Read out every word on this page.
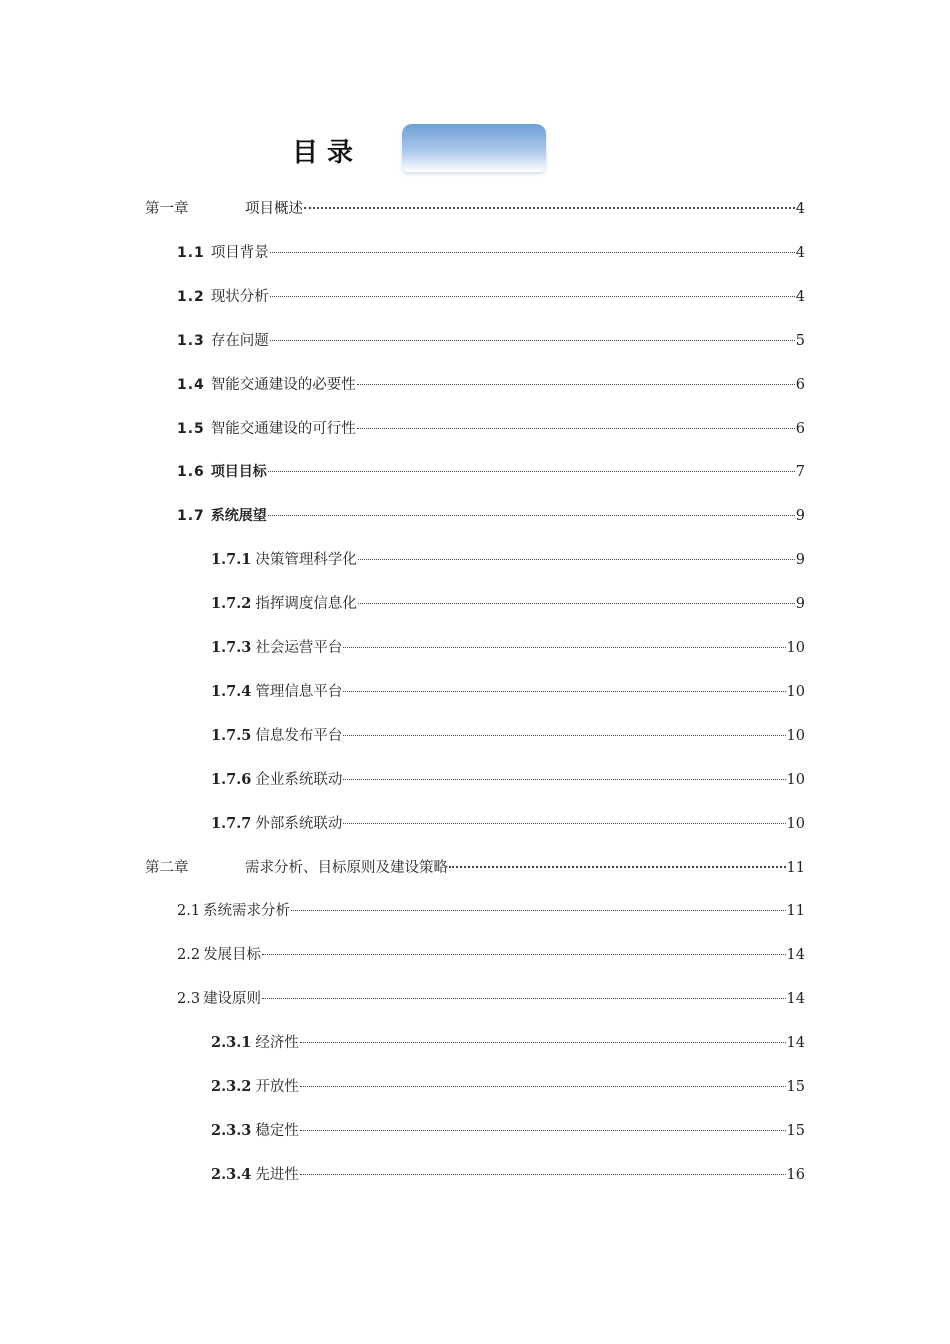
目 录
第一章	项目概述	4
1.1 项目背景	4
1.2 现状分析	4
1.3 存在问题	5
1.4 智能交通建设的必要性	6
1.5 智能交通建设的可行性	6
1.6 项目目标	7
1.7 系统展望	9
1.7.1 决策管理科学化	9
1.7.2 指挥调度信息化	9
1.7.3 社会运营平台	10
1.7.4 管理信息平台	10
1.7.5 信息发布平台	10
1.7.6 企业系统联动	10
1.7.7 外部系统联动	10
第二章	需求分析、目标原则及建设策略	11
2.1 系统需求分析	11
2.2 发展目标	14
2.3 建设原则	14
2.3.1 经济性	14
2.3.2 开放性	15
2.3.3 稳定性	15
2.3.4 先进性	16
